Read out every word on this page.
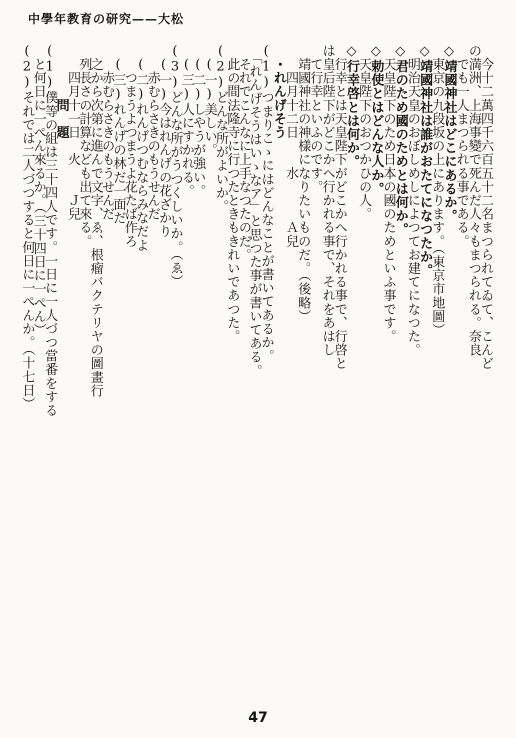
中學年教育の研究——大松
　今十二萬四千六百五十二名まつられてゐて、こんど
の満洲、上海事變で死んだ人々もまつられる。奈良
　でも一人まつられる事である。
◇靖國神社はどこにあるか。
　東京の九段坂の上にあります。（東京市地圖）
◇靖國神社は誰がおたてになつたか。
　明治天皇のおぼしめしによつてお建てになつた。
◇君のため國のためとは何か。
　天皇陛下のため日本の國のためといふ事です。
◇勅使とはどんな人か。
　天皇陛下のおつかひの人。
◇行幸啓とは何か。
　行幸とは天皇陛下がどこかへ行かれる事で、行啓と
は皇后陛下がどこかへ行かれる事で、それをあはし
　て行幸といふのです。
　靖國神社の神樣になりたいものだ。（後略）
　　四月十二日　　水　　　Ａ兒
　・れんげそう
(1)つまりこゝにはどんなことが書いてあるか。
　「れんげそうはいゝなア」と思つた事が書いてある。
　それでこんなに上手なつたのだ。
　此の間法隆寺に行つたときもきれいであつた。
(2)どんな所がよいか。
　(一)美しい。
　(二)しやうが強い。
　(三)人にすかれる。
(3)どんな所がうつくしいか。（ゑ）
　(一)今はれんげの花ざかり
　　赤むらさきのもうせんだ
　(二)れんげつむならみなだよ
　　つまうよつまうよ花たば作ろ
　(三)れんげの林だ一面だ
　　赤むらさきのもうせんだ
　之から次第に進んで文字、ゑ、根瘤バクテリヤの圖畫行
　列長さの計算なども出て來る。
　　四月十一日　火　　Ｊ兒
　　　　問　題
(1)僕等の組は三十四人です。一日に一人づつ當番をする
　と何日に一ぺん來るか。（三十四日に一ぺん）
(2)それでは二人づつすると何日に一ぺんか。（十七日）
47
